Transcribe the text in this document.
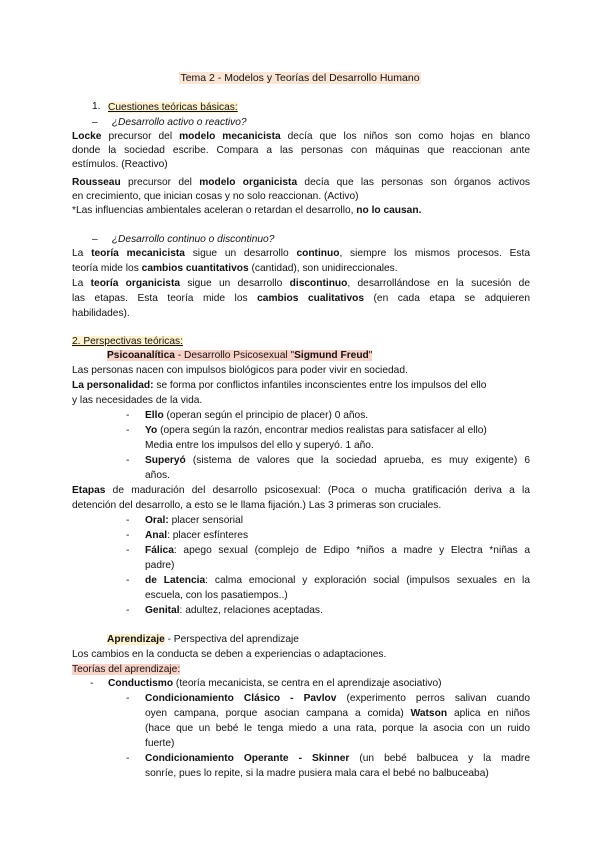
Tema 2 - Modelos y Teorías del Desarrollo Humano
1. Cuestiones teóricas básicas:
–     ¿Desarrollo activo o reactivo?
Locke precursor del modelo mecanicista decía que los niños son como hojas en blanco
donde la sociedad escribe. Compara a las personas con máquinas que reaccionan ante
estímulos. (Reactivo)
Rousseau precursor del modelo organicista decía que las personas son órganos activos
en crecimiento, que inician cosas y no solo reaccionan. (Activo)
*Las influencias ambientales aceleran o retardan el desarrollo, no lo causan.
–     ¿Desarrollo continuo o discontinuo?
La teoría mecanicista sigue un desarrollo continuo, siempre los mismos procesos. Esta
teoría mide los cambios cuantitativos (cantidad), son unidireccionales.
La teoría organicista sigue un desarrollo discontinuo, desarrollándose en la sucesión de
las etapas. Esta teoría mide los cambios cualitativos (en cada etapa se adquieren
habilidades).
2. Perspectivas teóricas:
Psicoanalítica - Desarrollo Psicosexual "Sigmund Freud"
Las personas nacen con impulsos biológicos para poder vivir en sociedad.
La personalidad: se forma por conflictos infantiles inconscientes entre los impulsos del ello
y las necesidades de la vida.
- Ello (operan según el principio de placer) 0 años.
- Yo (opera según la razón, encontrar medios realistas para satisfacer al ello)
Media entre los impulsos del ello y superyó. 1 año.
- Superyó (sistema de valores que la sociedad aprueba, es muy exigente) 6
años.
Etapas de maduración del desarrollo psicosexual: (Poca o mucha gratificación deriva a la
detención del desarrollo, a esto se le llama fijación.) Las 3 primeras son cruciales.
- Oral: placer sensorial
- Anal: placer esfínteres
- Fálica: apego sexual (complejo de Edipo *niños a madre y Electra *niñas a
padre)
- de Latencia: calma emocional y exploración social (impulsos sexuales en la
escuela, con los pasatiempos..)
- Genital: adultez, relaciones aceptadas.
Aprendizaje - Perspectiva del aprendizaje
Los cambios en la conducta se deben a experiencias o adaptaciones.
Teorías del aprendizaje:
- Conductismo (teoría mecanicista, se centra en el aprendizaje asociativo)
- Condicionamiento Clásico - Pavlov (experimento perros salivan cuando
oyen campana, porque asocian campana a comida) Watson aplica en niños
(hace que un bebé le tenga miedo a una rata, porque la asocia con un ruido
fuerte)
- Condicionamiento Operante - Skinner (un bebé balbucea y la madre
sonríe, pues lo repite, si la madre pusiera mala cara el bebé no balbuceaba)
